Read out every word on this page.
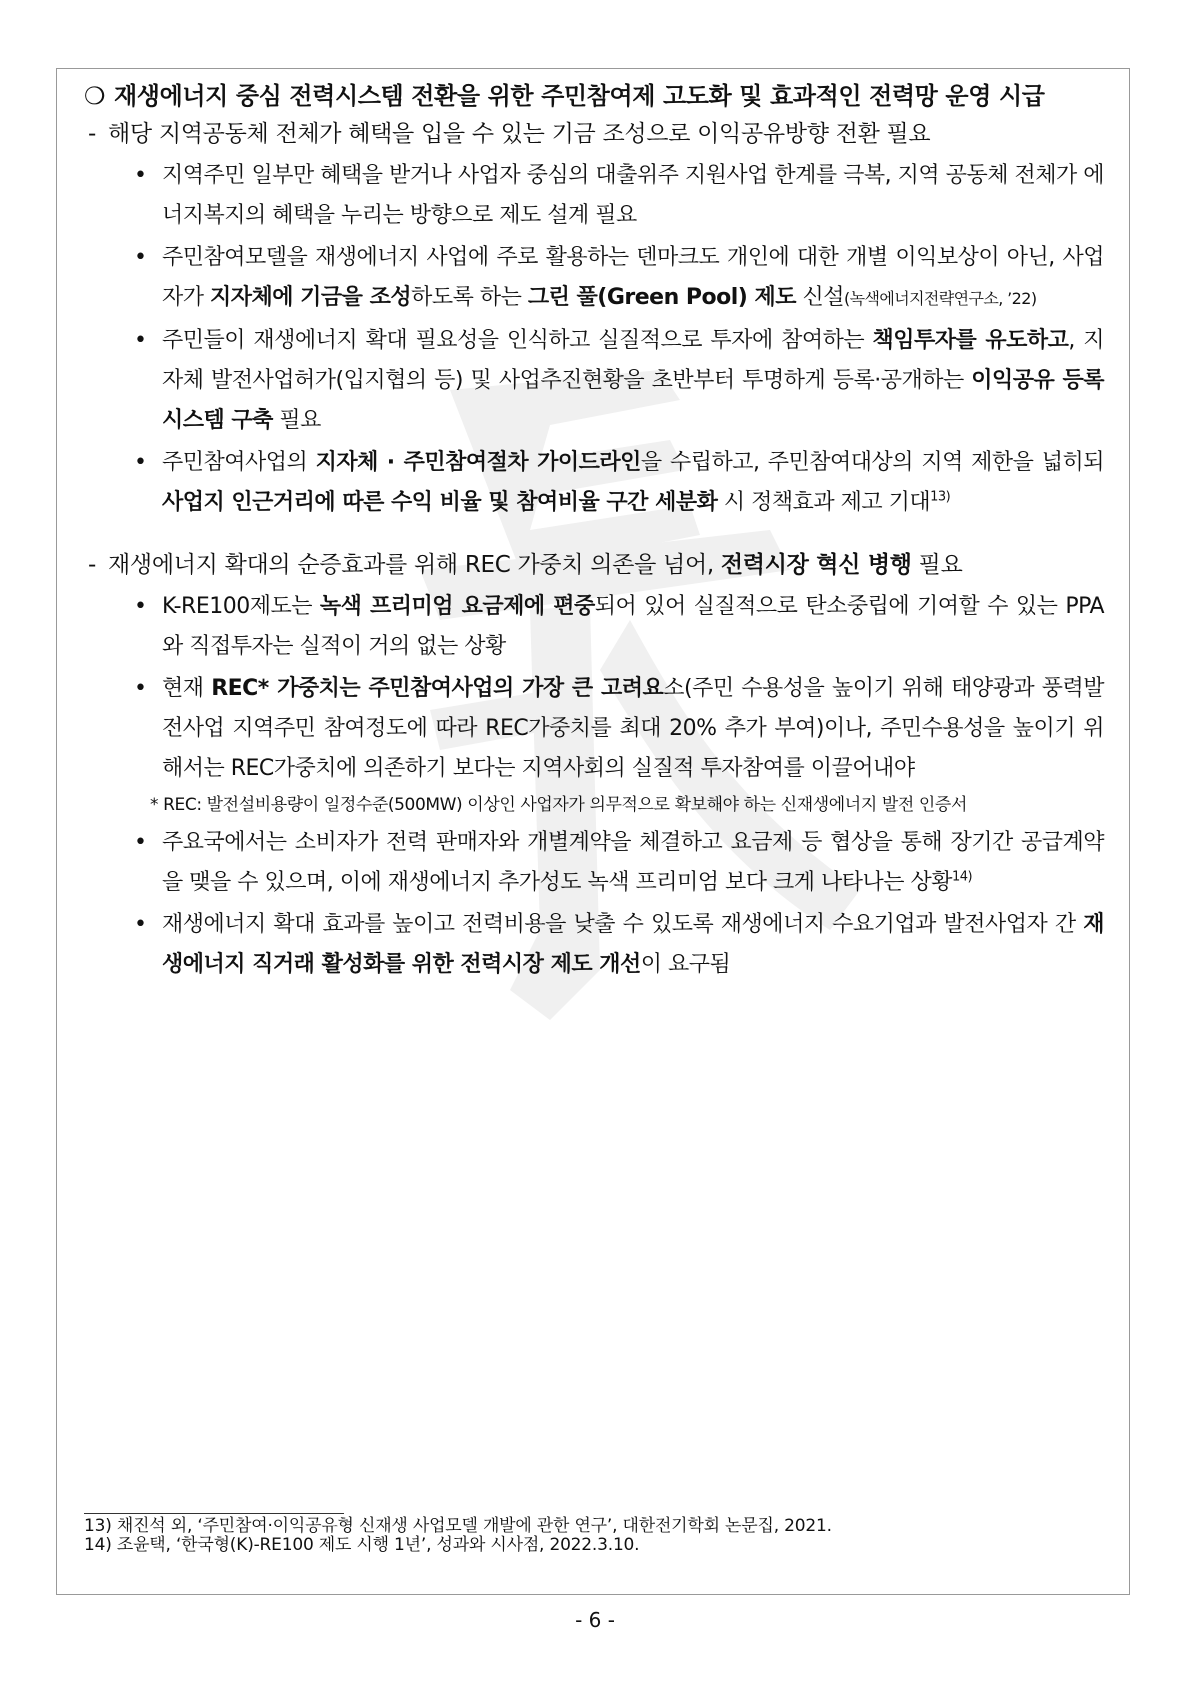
❍ 재생에너지 중심 전력시스템 전환을 위한 주민참여제 고도화 및 효과적인 전력망 운영 시급

- 해당 지역공동체 전체가 혜택을 입을 수 있는 기금 조성으로 이익공유방향 전환 필요

• 지역주민 일부만 혜택을 받거나 사업자 중심의 대출위주 지원사업 한계를 극복, 지역 공동체 전체가 에너지복지의 혜택을 누리는 방향으로 제도 설계 필요

• 주민참여모델을 재생에너지 사업에 주로 활용하는 덴마크도 개인에 대한 개별 이익보상이 아닌, 사업자가 지자체에 기금을 조성하도록 하는 그린 풀(Green Pool) 제도 신설(녹색에너지전략연구소, ’22)

• 주민들이 재생에너지 확대 필요성을 인식하고 실질적으로 투자에 참여하는 책임투자를 유도하고, 지자체 발전사업허가(입지협의 등) 및 사업추진현황을 초반부터 투명하게 등록·공개하는 이익공유 등록시스템 구축 필요

• 주민참여사업의 지자체 · 주민참여절차 가이드라인을 수립하고, 주민참여대상의 지역 제한을 넓히되 사업지 인근거리에 따른 수익 비율 및 참여비율 구간 세분화 시 정책효과 제고 기대$^{13)}$

- 재생에너지 확대의 순증효과를 위해 REC 가중치 의존을 넘어, 전력시장 혁신 병행 필요

• K-RE100제도는 녹색 프리미엄 요금제에 편중되어 있어 실질적으로 탄소중립에 기여할 수 있는 PPA와 직접투자는 실적이 거의 없는 상황

• 현재 REC* 가중치는 주민참여사업의 가장 큰 고려요소(주민 수용성을 높이기 위해 태양광과 풍력발전사업 지역주민 참여정도에 따라 REC가중치를 최대 20% 추가 부여)이나, 주민수용성을 높이기 위해서는 REC가중치에 의존하기 보다는 지역사회의 실질적 투자참여를 이끌어내야

* REC: 발전설비용량이 일정수준(500MW) 이상인 사업자가 의무적으로 확보해야 하는 신재생에너지 발전 인증서

• 주요국에서는 소비자가 전력 판매자와 개별계약을 체결하고 요금제 등 협상을 통해 장기간 공급계약을 맺을 수 있으며, 이에 재생에너지 추가성도 녹색 프리미엄 보다 크게 나타나는 상황$^{14)}$

• 재생에너지 확대 효과를 높이고 전력비용을 낮출 수 있도록 재생에너지 수요기업과 발전사업자 간 재생에너지 직거래 활성화를 위한 전력시장 제도 개선이 요구됨

13) 채진석 외, ‘주민참여·이익공유형 신재생 사업모델 개발에 관한 연구’, 대한전기학회 논문집, 2021.
14) 조윤택, ‘한국형(K)-RE100 제도 시행 1년’, 성과와 시사점, 2022.3.10.
- 6 -
